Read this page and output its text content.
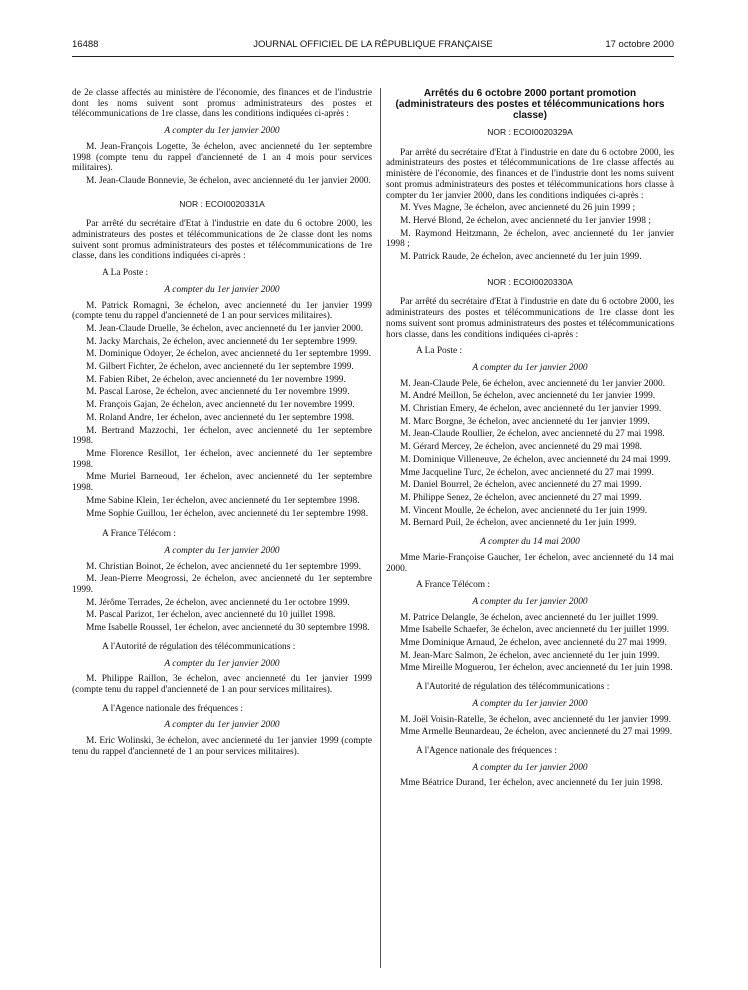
16488	JOURNAL OFFICIEL DE LA RÉPUBLIQUE FRANÇAISE	17 octobre 2000

de 2e classe affectés au ministère de l'économie, des finances et de l'industrie dont les noms suivent sont promus administrateurs des postes et télécommunications de 1re classe, dans les conditions indiquées ci-après :

A compter du 1er janvier 2000

M. Jean-François Logette, 3e échelon, avec ancienneté du 1er septembre 1998 (compte tenu du rappel d'ancienneté de 1 an 4 mois pour services militaires).

M. Jean-Claude Bonnevie, 3e échelon, avec ancienneté du 1er janvier 2000.

NOR : ECOI0020331A

Par arrêté du secrétaire d'Etat à l'industrie en date du 6 octobre 2000, les administrateurs des postes et télécommunications de 2e classe dont les noms suivent sont promus administrateurs des postes et télécommunications de 1re classe, dans les conditions indiquées ci-après :

A La Poste :

A compter du 1er janvier 2000

M. Patrick Romagni, 3e échelon, avec ancienneté du 1er janvier 1999 (compte tenu du rappel d'ancienneté de 1 an pour services militaires).

M. Jean-Claude Druelle, 3e échelon, avec ancienneté du 1er janvier 2000.

M. Jacky Marchais, 2e échelon, avec ancienneté du 1er septembre 1999.

M. Dominique Odoyer, 2e échelon, avec ancienneté du 1er septembre 1999.

M. Gilbert Fichter, 2e échelon, avec ancienneté du 1er septembre 1999.

M. Fabien Ribet, 2e échelon, avec ancienneté du 1er novembre 1999.

M. Pascal Larose, 2e échelon, avec ancienneté du 1er novembre 1999.

M. François Gajan, 2e échelon, avec ancienneté du 1er novembre 1999.

M. Roland Andre, 1er échelon, avec ancienneté du 1er septembre 1998.

M. Bertrand Mazzochi, 1er échelon, avec ancienneté du 1er septembre 1998.

Mme Florence Resillot, 1er échelon, avec ancienneté du 1er septembre 1998.

Mme Muriel Barneoud, 1er échelon, avec ancienneté du 1er septembre 1998.

Mme Sabine Klein, 1er échelon, avec ancienneté du 1er septembre 1998.

Mme Sophie Guillou, 1er échelon, avec ancienneté du 1er septembre 1998.

A France Télécom :

A compter du 1er janvier 2000

M. Christian Boinot, 2e échelon, avec ancienneté du 1er septembre 1999.

M. Jean-Pierre Meogrossi, 2e échelon, avec ancienneté du 1er septembre 1999.

M. Jérôme Terrades, 2e échelon, avec ancienneté du 1er octobre 1999.

M. Pascal Parizot, 1er échelon, avec ancienneté du 10 juillet 1998.

Mme Isabelle Roussel, 1er échelon, avec ancienneté du 30 septembre 1998.

A l'Autorité de régulation des télécommunications :

A compter du 1er janvier 2000

M. Philippe Raillon, 3e échelon, avec ancienneté du 1er janvier 1999 (compte tenu du rappel d'ancienneté de 1 an pour services militaires).

A l'Agence nationale des fréquences :

A compter du 1er janvier 2000

M. Eric Wolinski, 3e échelon, avec ancienneté du 1er janvier 1999 (compte tenu du rappel d'ancienneté de 1 an pour services militaires).

Arrêtés du 6 octobre 2000 portant promotion (administrateurs des postes et télécommunications hors classe)

NOR : ECOI0020329A

Par arrêté du secrétaire d'Etat à l'industrie en date du 6 octobre 2000, les administrateurs des postes et télécommunications de 1re classe affectés au ministère de l'économie, des finances et de l'industrie dont les noms suivent sont promus administrateurs des postes et télécommunications hors classe à compter du 1er janvier 2000, dans les conditions indiquées ci-après :

M. Yves Magne, 3e échelon, avec ancienneté du 26 juin 1999 ;

M. Hervé Blond, 2e échelon, avec ancienneté du 1er janvier 1998 ;

M. Raymond Heitzmann, 2e échelon, avec ancienneté du 1er janvier 1998 ;

M. Patrick Raude, 2e échelon, avec ancienneté du 1er juin 1999.

NOR : ECOI0020330A

Par arrêté du secrétaire d'Etat à l'industrie en date du 6 octobre 2000, les administrateurs des postes et télécommunications de 1re classe dont les noms suivent sont promus administrateurs des postes et télécommunications hors classe, dans les conditions indiquées ci-après :

A La Poste :

A compter du 1er janvier 2000

M. Jean-Claude Pele, 6e échelon, avec ancienneté du 1er janvier 2000.

M. André Meillon, 5e échelon, avec ancienneté du 1er janvier 1999.

M. Christian Emery, 4e échelon, avec ancienneté du 1er janvier 1999.

M. Marc Borgne, 3e échelon, avec ancienneté du 1er janvier 1999.

M. Jean-Claude Roullier, 2e échelon, avec ancienneté du 27 mai 1998.

M. Gérard Mercey, 2e échelon, avec ancienneté du 29 mai 1998.

M. Dominique Villeneuve, 2e échelon, avec ancienneté du 24 mai 1999.

Mme Jacqueline Turc, 2e échelon, avec ancienneté du 27 mai 1999.

M. Daniel Bourrel, 2e échelon, avec ancienneté du 27 mai 1999.

M. Philippe Senez, 2e échelon, avec ancienneté du 27 mai 1999.

M. Vincent Moulle, 2e échelon, avec ancienneté du 1er juin 1999.

M. Bernard Puil, 2e échelon, avec ancienneté du 1er juin 1999.

A compter du 14 mai 2000

Mme Marie-Françoise Gaucher, 1er échelon, avec ancienneté du 14 mai 2000.

A France Télécom :

A compter du 1er janvier 2000

M. Patrice Delangle, 3e échelon, avec ancienneté du 1er juillet 1999.

Mme Isabelle Schaefer, 3e échelon, avec ancienneté du 1er juillet 1999.

Mme Dominique Arnaud, 2e échelon, avec ancienneté du 27 mai 1999.

M. Jean-Marc Salmon, 2e échelon, avec ancienneté du 1er juin 1999.

Mme Mireille Moguerou, 1er échelon, avec ancienneté du 1er juin 1998.

A l'Autorité de régulation des télécommunications :

A compter du 1er janvier 2000

M. Joël Voisin-Ratelle, 3e échelon, avec ancienneté du 1er janvier 1999.

Mme Armelle Beunardeau, 2e échelon, avec ancienneté du 27 mai 1999.

A l'Agence nationale des fréquences :

A compter du 1er janvier 2000

Mme Béatrice Durand, 1er échelon, avec ancienneté du 1er juin 1998.
